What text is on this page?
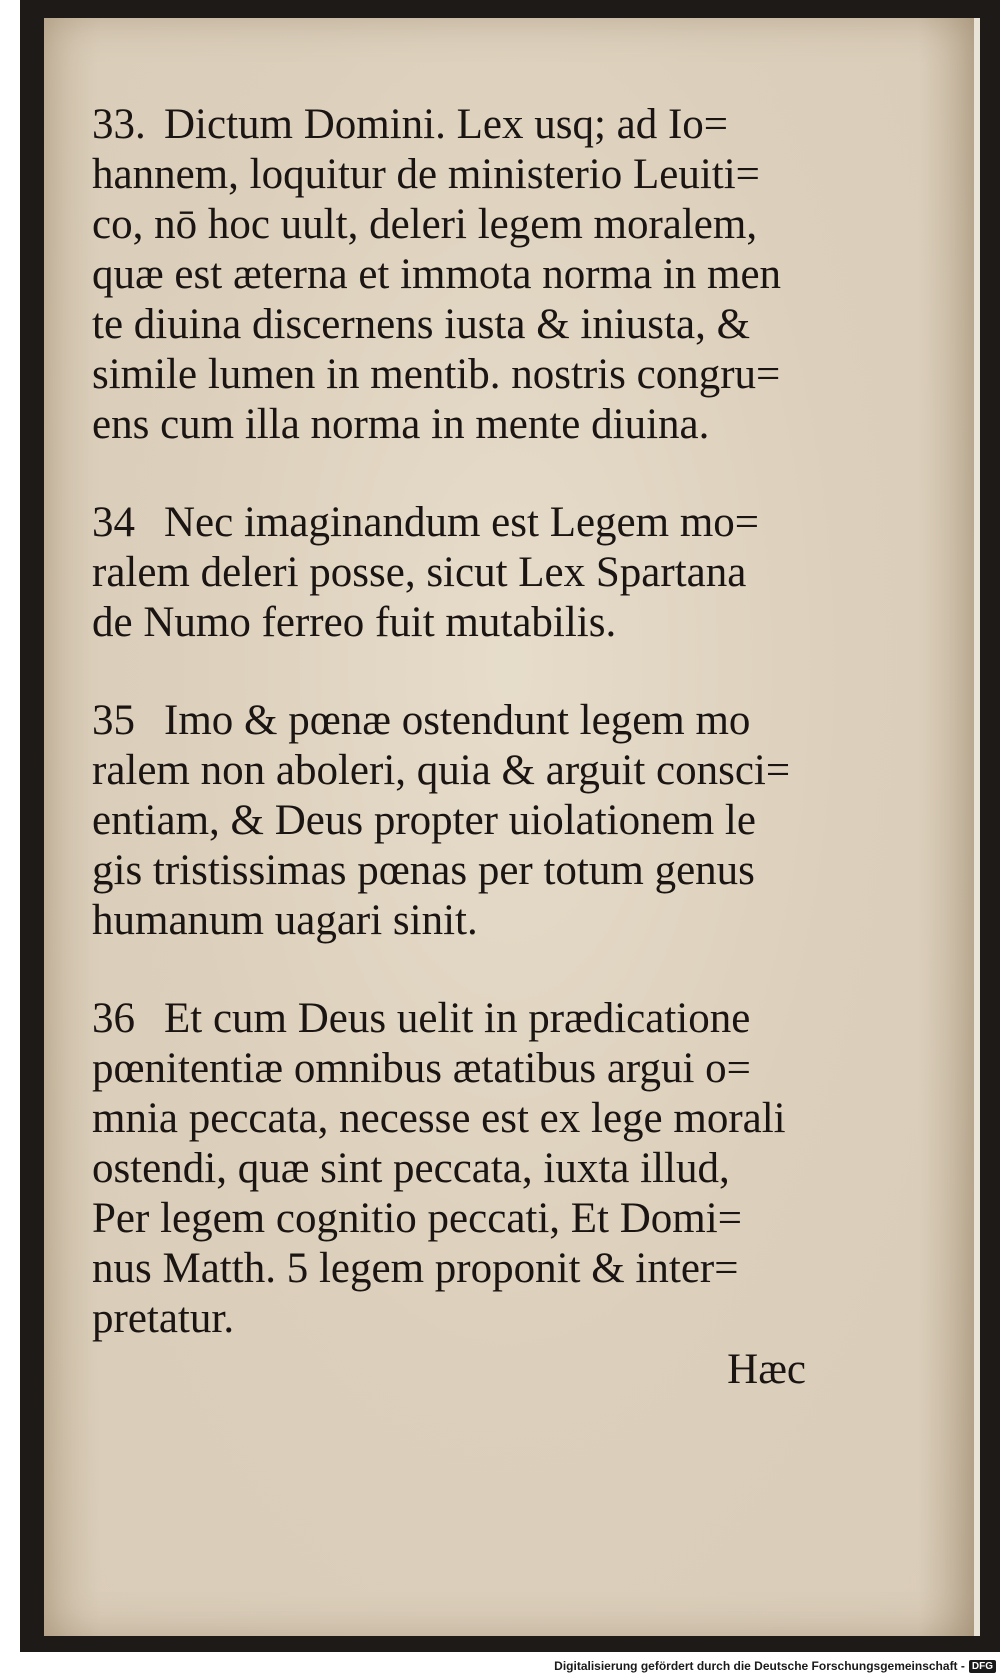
33. Dictum Domini. Lex usq; ad Io=
hannem, loquitur de ministerio Leuiti=
co, nō hoc uult, deleri legem moralem,
quæ est æterna et immota norma in men
te diuina discernens iusta & iniusta, &
simile lumen in mentib. nostris congru=
ens cum illa norma in mente diuina.
34 Nec imaginandum est Legem mo=
ralem deleri posse, sicut Lex Spartana
de Numo ferreo fuit mutabilis.
35 Imo & pœnæ ostendunt legem mo
ralem non aboleri, quia & arguit consci=
entiam, & Deus propter uiolationem le
gis tristissimas pœnas per totum genus
humanum uagari sinit.
36 Et cum Deus uelit in prædicatione
pœnitentiæ omnibus ætatibus argui o=
mnia peccata, necesse est ex lege morali
ostendi, quæ sint peccata, iuxta illud,
Per legem cognitio peccati, Et Domi=
nus Matth. 5 legem proponit & inter=
pretatur.
Hæc
Digitalisierung gefördert durch die Deutsche Forschungsgemeinschaft - DFG
